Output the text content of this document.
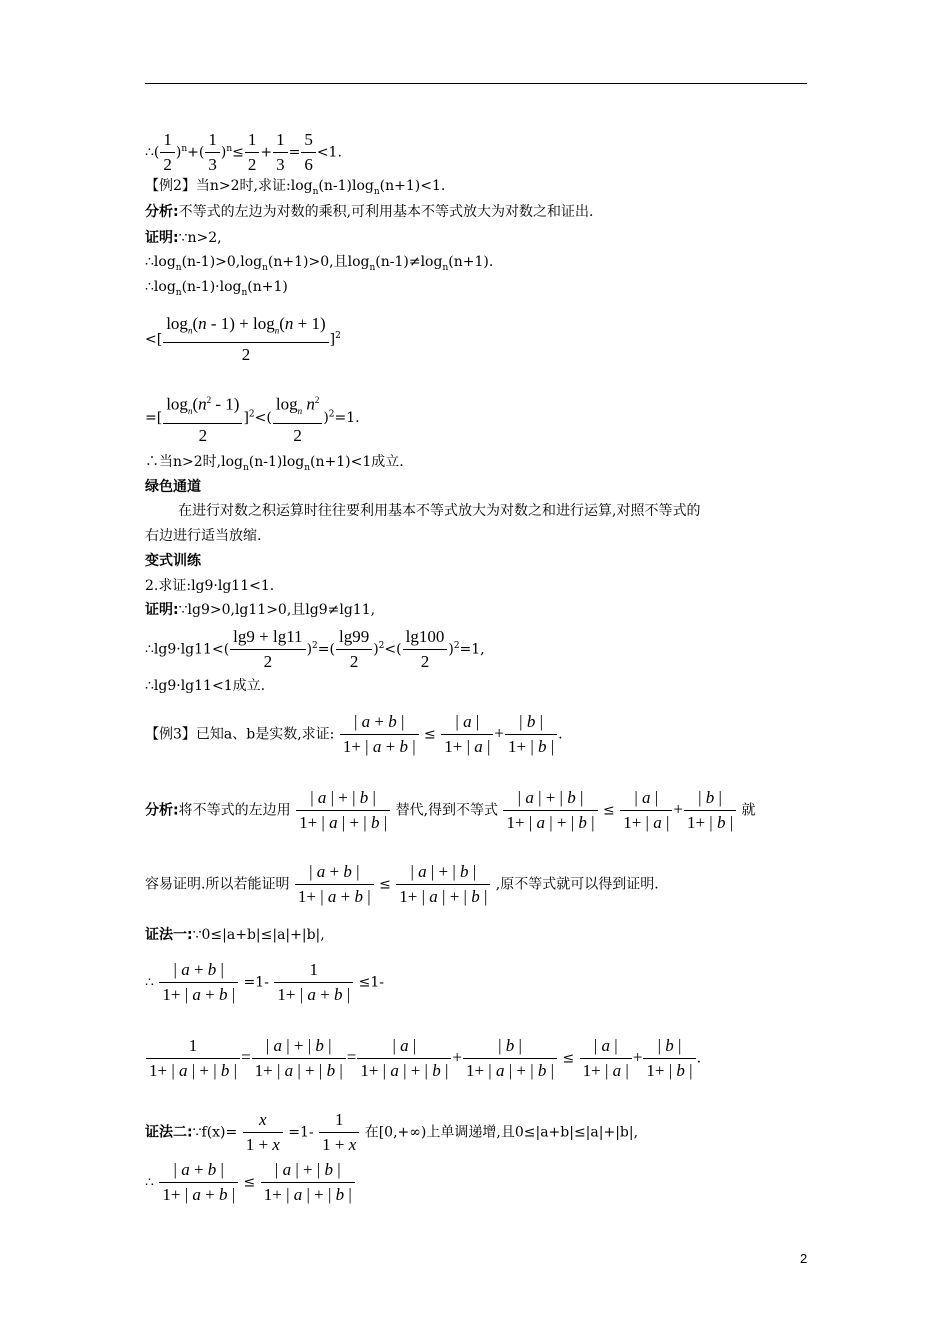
∴( $\frac{1}{2} )^n+( \frac{1}{3} )^n\le \frac{1}{2} + \frac{1}{3} = \frac{5}{6} <1$.
【例2】当n>2时,求证$:\log_n(n-1)\log_n(n+1)<1$.
分析:不等式的左边为对数的乘积,可利用基本不等式放大为对数之和证出.
证明:∵n>2,
$\therefore\log_n(n-1)>0,\log_n(n+1)>0$,且$\log_n(n-1)\ne\log_n(n+1)$.
$\therefore\log_n(n-1)\cdot\log_n(n+1)$
<[ $\frac{\log_n(n - 1) + \log_n(n + 1)}{2} ]^2$
=[ $\frac{\log_n(n^2 - 1)}{2} ]^2<( \frac{\log_n n^2}{2} )^2=1$.
∴当n>2时$,\log_n(n-1)\log_n(n+1)<1$成立.
绿色通道
在进行对数之积运算时往往要利用基本不等式放大为对数之和进行运算,对照不等式的
右边进行适当放缩.
变式训练
2.求证:lg9·lg11<1.
证明:∵lg9>0,lg11>0,且lg9≠lg11,
∴lg9·lg11<( $\frac{\lg 9 + \lg 11}{2} )^2=( \frac{\lg 99}{2} )^2<( \frac{\lg 100}{2} )^2=1$,
∴lg9·lg11<1成立.
【例3】已知a、b是实数,求证: $\frac{| a + b |}{1+ | a + b |} \le \frac{| a |}{1+ | a |} + \frac{| b |}{1+ | b |}$ .
分析:将不等式的左边用 $\frac{| a | + | b |}{1+ | a | + | b |}$ 替代,得到不等式 $\frac{| a | + | b |}{1+ | a | + | b |} \le \frac{| a |}{1+ | a |} + \frac{| b |}{1+ | b |}$ 就
容易证明.所以若能证明 $\frac{| a + b |}{1+ | a + b |} \le \frac{| a | + | b |}{1+ | a | + | b |}$ ,原不等式就可以得到证明.
证法一:∵0≤|a+b|≤|a|+|b|,
∴ $\frac{| a + b |}{1+ | a + b |} =1- \frac{1}{1+ | a + b |} \le 1-$
$\frac{1}{1+ | a | + | b |} = \frac{| a | + | b |}{1+ | a | + | b |} = \frac{| a |}{1+ | a | + | b |} + \frac{| b |}{1+ | a | + | b |} \le \frac{| a |}{1+ | a |} + \frac{| b |}{1+ | b |}$ .
证法二:∵f(x)= $\frac{x}{1 + x} =1- \frac{1}{1 + x}$ 在[0,+∞)上单调递增,且0≤|a+b|≤|a|+|b|,
∴ $\frac{| a + b |}{1+ | a + b |} \le \frac{| a | + | b |}{1+ | a | + | b |}$
2
